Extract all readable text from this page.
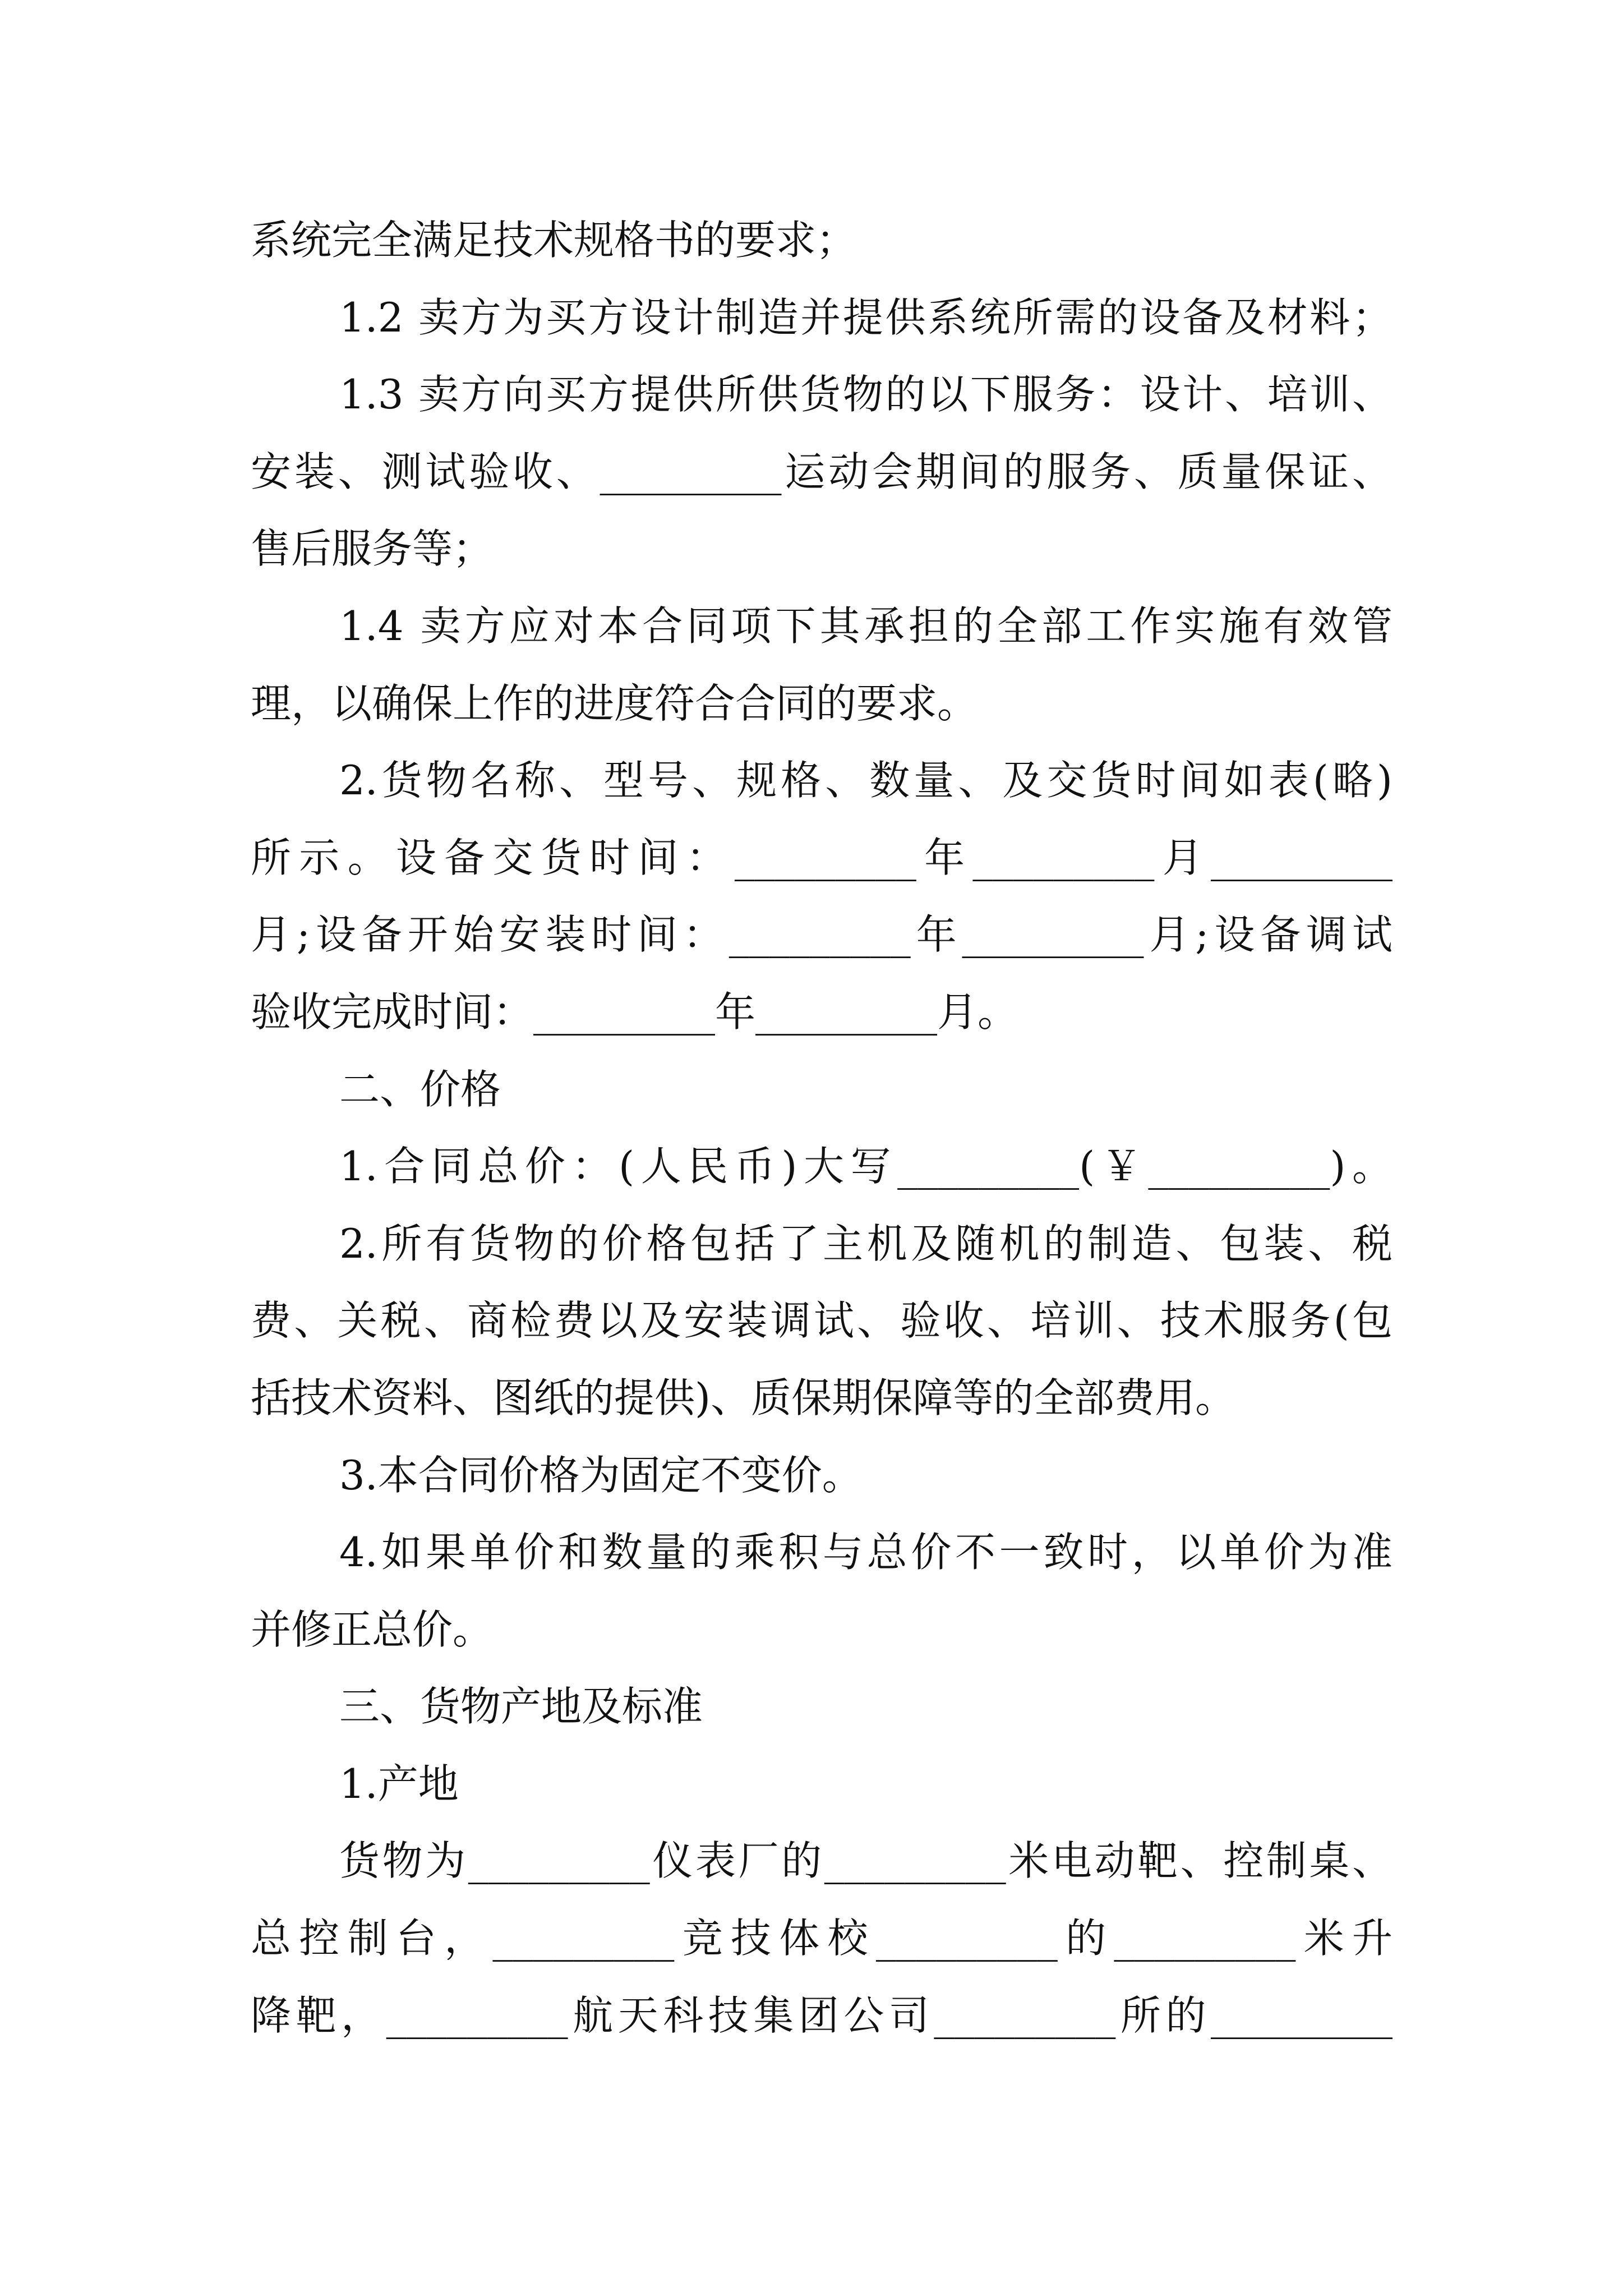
系统完全满足技术规格书的要求；
1.2 卖方为买方设计制造并提供系统所需的设备及材料；
1.3 卖方向买方提供所供货物的以下服务：设计、培训、
安装、测试验收、_________运动会期间的服务、质量保证、
售后服务等；
1.4 卖方应对本合同项下其承担的全部工作实施有效管
理，以确保上作的进度符合合同的要求。
2.货物名称、型号、规格、数量、及交货时间如表(略)
所示。设备交货时间：_________年_________月_________
月;设备开始安装时间：_________年_________月;设备调试
验收完成时间：_________年_________月。
二、价格
1.合同总价：(人民币)大写_________(￥_________)。
2.所有货物的价格包括了主机及随机的制造、包装、税
费、关税、商检费以及安装调试、验收、培训、技术服务(包
括技术资料、图纸的提供)、质保期保障等的全部费用。
3.本合同价格为固定不变价。
4.如果单价和数量的乘积与总价不一致时，以单价为准
并修正总价。
三、货物产地及标准
1.产地
货物为_________仪表厂的_________米电动靶、控制桌、
总控制台，_________竞技体校_________的_________米升
降靶，_________航天科技集团公司_________所的_________
